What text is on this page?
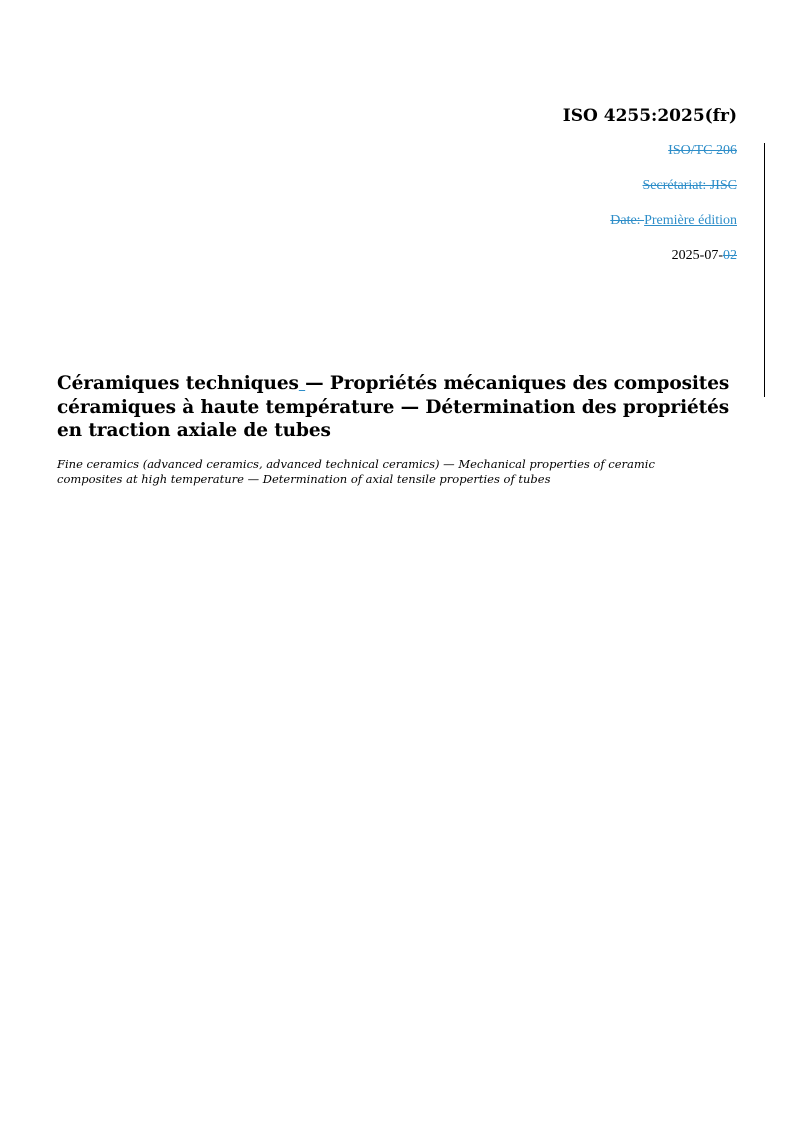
ISO 4255:2025(fr)

ISO/TC 206

Secrétariat: JISC

Date: Première édition

2025-07-02

Céramiques techniques — Propriétés mécaniques des composites céramiques à haute température — Détermination des propriétés en traction axiale de tubes

Fine ceramics (advanced ceramics, advanced technical ceramics) — Mechanical properties of ceramic composites at high temperature — Determination of axial tensile properties of tubes
